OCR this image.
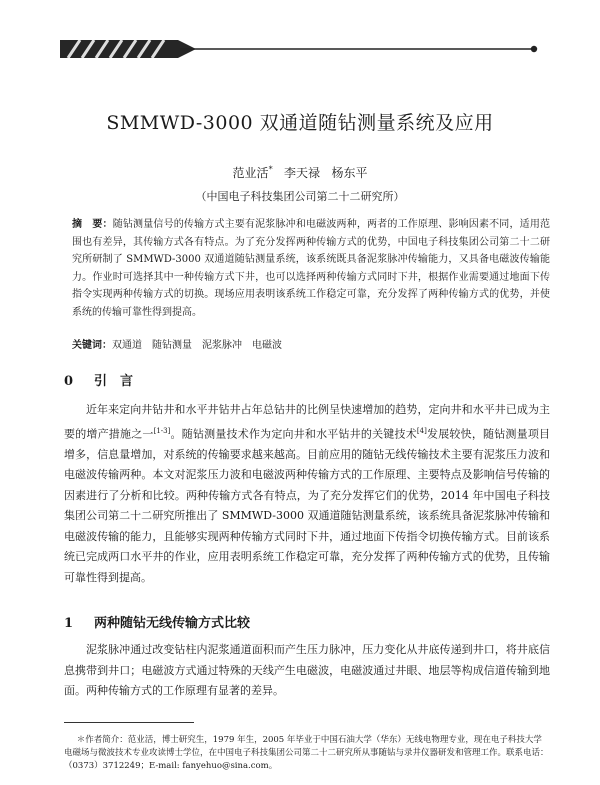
SMMWD-3000 双通道随钻测量系统及应用
范业活*   李天禄   杨东平
（中国电子科技集团公司第二十二研究所）
摘　要：随钻测量信号的传输方式主要有泥浆脉冲和电磁波两种，两者的工作原理、影响因素不同，适用范围也有差异，其传输方式各有特点。为了充分发挥两种传输方式的优势，中国电子科技集团公司第二十二研究所研制了 SMMWD-3000 双通道随钻测量系统，该系统既具备泥浆脉冲传输能力，又具备电磁波传输能力。作业时可选择其中一种传输方式下井，也可以选择两种传输方式同时下井，根据作业需要通过地面下传指令实现两种传输方式的切换。现场应用表明该系统工作稳定可靠，充分发挥了两种传输方式的优势，并使系统的传输可靠性得到提高。
关键词：双通道　随钻测量　泥浆脉冲　电磁波
0 引　言
近年来定向井钻井和水平井钻井占年总钻井的比例呈快速增加的趋势，定向井和水平井已成为主要的增产措施之一[1-3]。随钻测量技术作为定向井和水平钻井的关键技术[4]发展较快，随钻测量项目增多，信息量增加，对系统的传输要求越来越高。目前应用的随钻无线传输技术主要有泥浆压力波和电磁波传输两种。本文对泥浆压力波和电磁波两种传输方式的工作原理、主要特点及影响信号传输的因素进行了分析和比较。两种传输方式各有特点，为了充分发挥它们的优势，2014 年中国电子科技集团公司第二十二研究所推出了 SMMWD-3000 双通道随钻测量系统，该系统具备泥浆脉冲传输和电磁波传输的能力，且能够实现两种传输方式同时下井，通过地面下传指令切换传输方式。目前该系统已完成两口水平井的作业，应用表明系统工作稳定可靠，充分发挥了两种传输方式的优势，且传输可靠性得到提高。
1 两种随钻无线传输方式比较
泥浆脉冲通过改变钻柱内泥浆通道面积而产生压力脉冲，压力变化从井底传递到井口，将井底信息携带到井口；电磁波方式通过特殊的天线产生电磁波，电磁波通过井眼、地层等构成信道传输到地面。两种传输方式的工作原理有显著的差异。
＊作者简介：范业活，博士研究生，1979 年生，2005 年毕业于中国石油大学（华东）无线电物理专业，现在电子科技大学电磁场与微波技术专业攻读博士学位，在中国电子科技集团公司第二十二研究所从事随钻与录井仪器研发和管理工作。联系电话：（0373）3712249；E-mail: fanyehuo@sina.com。
